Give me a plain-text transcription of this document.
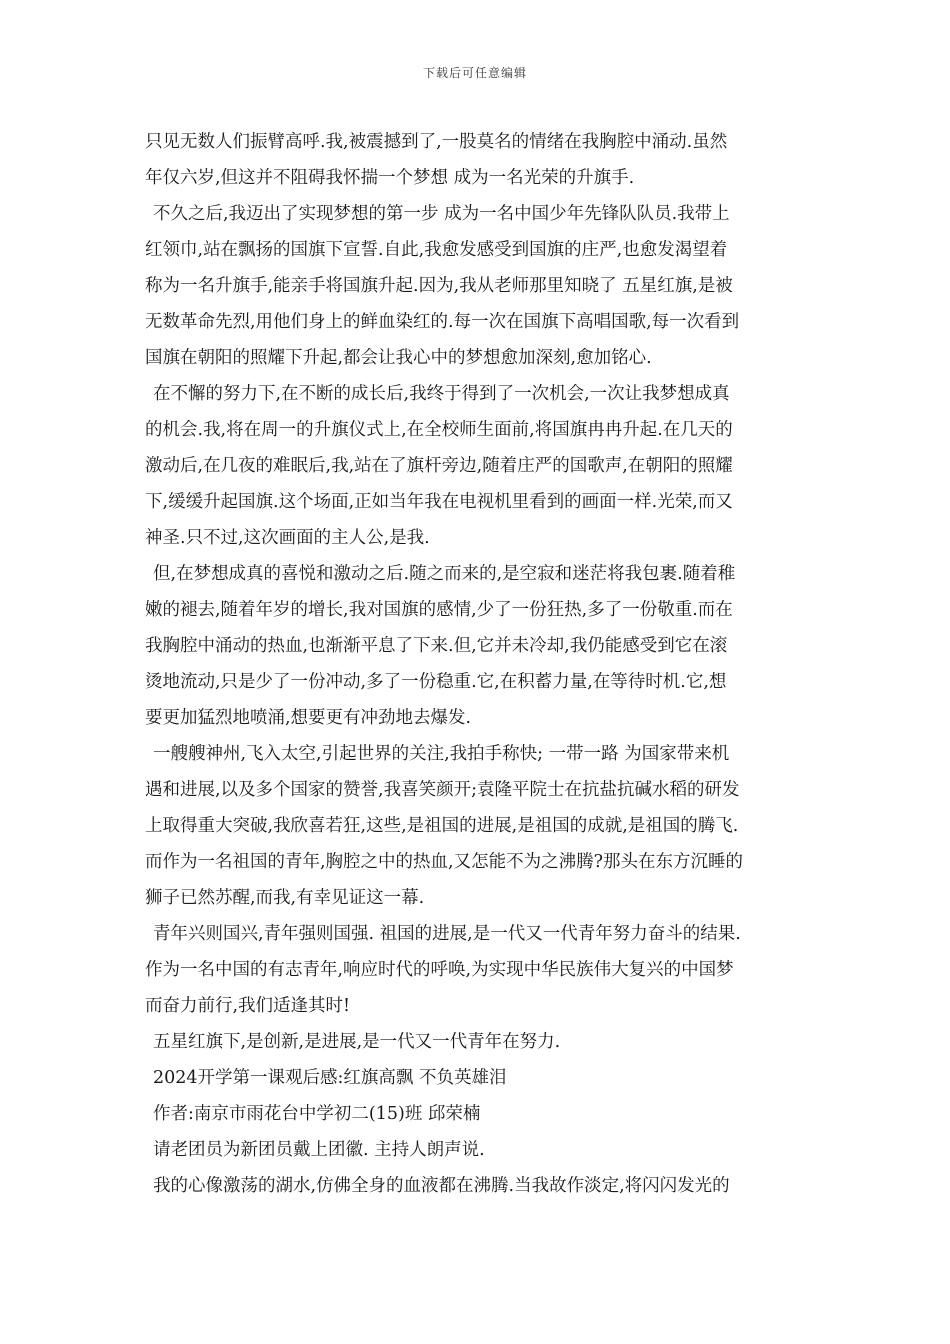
下载后可任意编辑
只见无数人们振臂高呼.我,被震撼到了,一股莫名的情绪在我胸腔中涌动.虽然
年仅六岁,但这并不阻碍我怀揣一个梦想 成为一名光荣的升旗手.
不久之后,我迈出了实现梦想的第一步 成为一名中国少年先锋队队员.我带上
红领巾,站在飘扬的国旗下宣誓.自此,我愈发感受到国旗的庄严,也愈发渴望着
称为一名升旗手,能亲手将国旗升起.因为,我从老师那里知晓了 五星红旗,是被
无数革命先烈,用他们身上的鲜血染红的.每一次在国旗下高唱国歌,每一次看到
国旗在朝阳的照耀下升起,都会让我心中的梦想愈加深刻,愈加铭心.
在不懈的努力下,在不断的成长后,我终于得到了一次机会,一次让我梦想成真
的机会.我,将在周一的升旗仪式上,在全校师生面前,将国旗冉冉升起.在几天的
激动后,在几夜的难眠后,我,站在了旗杆旁边,随着庄严的国歌声,在朝阳的照耀
下,缓缓升起国旗.这个场面,正如当年我在电视机里看到的画面一样.光荣,而又
神圣.只不过,这次画面的主人公,是我.
但,在梦想成真的喜悦和激动之后.随之而来的,是空寂和迷茫将我包裹.随着稚
嫩的褪去,随着年岁的增长,我对国旗的感情,少了一份狂热,多了一份敬重.而在
我胸腔中涌动的热血,也渐渐平息了下来.但,它并未冷却,我仍能感受到它在滚
烫地流动,只是少了一份冲动,多了一份稳重.它,在积蓄力量,在等待时机.它,想
要更加猛烈地喷涌,想要更有冲劲地去爆发.
一艘艘神州,飞入太空,引起世界的关注,我拍手称快; 一带一路 为国家带来机
遇和进展,以及多个国家的赞誉,我喜笑颜开;袁隆平院士在抗盐抗碱水稻的研发
上取得重大突破,我欣喜若狂,这些,是祖国的进展,是祖国的成就,是祖国的腾飞.
而作为一名祖国的青年,胸腔之中的热血,又怎能不为之沸腾?那头在东方沉睡的
狮子已然苏醒,而我,有幸见证这一幕.
青年兴则国兴,青年强则国强. 祖国的进展,是一代又一代青年努力奋斗的结果.
作为一名中国的有志青年,响应时代的呼唤,为实现中华民族伟大复兴的中国梦
而奋力前行,我们适逢其时!
五星红旗下,是创新,是进展,是一代又一代青年在努力.
2024开学第一课观后感:红旗高飘 不负英雄泪
作者:南京市雨花台中学初二(15)班 邱荣楠
请老团员为新团员戴上团徽. 主持人朗声说.
我的心像激荡的湖水,仿佛全身的血液都在沸腾.当我故作淡定,将闪闪发光的
